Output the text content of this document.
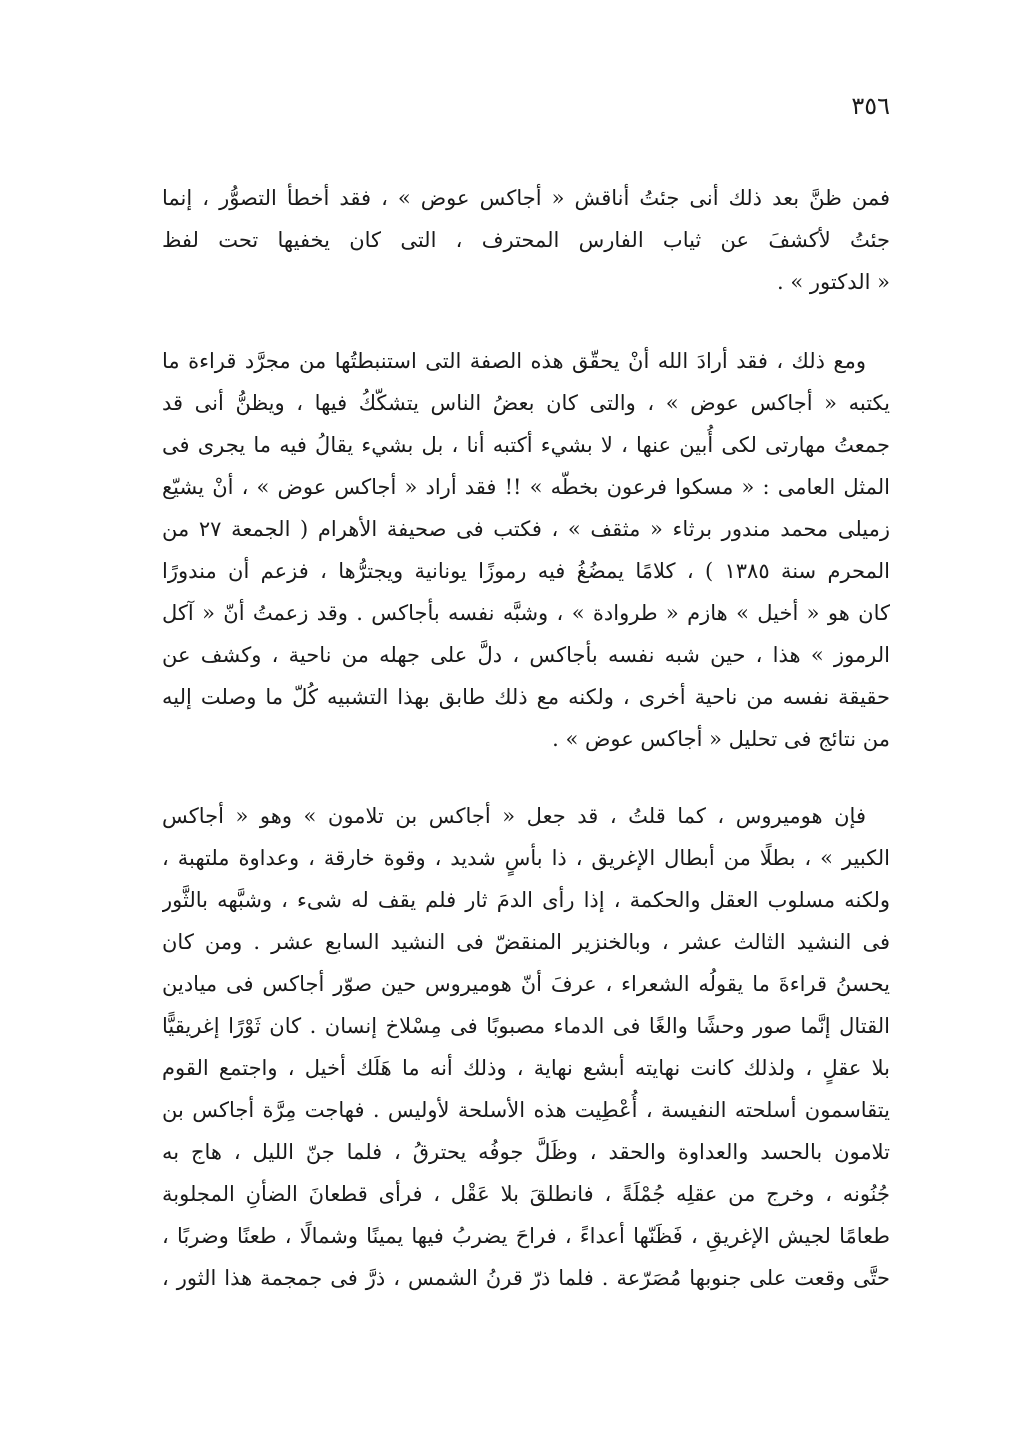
٣٥٦
فمن ظنَّ بعد ذلك أنى جئتُ أناقش « أجاكس عوض » ، فقد أخطأ التصوُّر ، إنما
جئتُ لأكشفَ عن ثياب الفارس المحترف ، التى كان يخفيها تحت لفظ
« الدكتور » .
ومع ذلك ، فقد أرادَ الله أنْ يحقّق هذه الصفة التى استنبطتُها من مجرَّد قراءة ما
يكتبه « أجاكس عوض » ، والتى كان بعضُ الناس يتشكّكُ فيها ، ويظنُّ أنى قد
جمعتُ مهارتى لكى أُبين عنها ، لا بشيء أكتبه أنا ، بل بشيء يقالُ فيه ما يجرى فى
المثل العامى : « مسكوا فرعون بخطّه » !! فقد أراد « أجاكس عوض » ، أنْ يشيّع
زميلى محمد مندور برثاء « مثقف » ، فكتب فى صحيفة الأهرام ( الجمعة ٢٧ من
المحرم سنة ١٣٨٥ ) ، كلامًا يمضُغُ فيه رموزًا يونانية ويجترُّها ، فزعم أن مندورًا
كان هو « أخيل » هازم « طروادة » ، وشبَّه نفسه بأجاكس . وقد زعمتُ أنّ « آكل
الرموز » هذا ، حين شبه نفسه بأجاكس ، دلَّ على جهله من ناحية ، وكشف عن
حقيقة نفسه من ناحية أخرى ، ولكنه مع ذلك طابق بهذا التشبيه كُلّ ما وصلت إليه
من نتائج فى تحليل « أجاكس عوض » .
فإن هوميروس ، كما قلتُ ، قد جعل « أجاكس بن تلامون » وهو « أجاكس
الكبير » ، بطلًا من أبطال الإغريق ، ذا بأسٍ شديد ، وقوة خارقة ، وعداوة ملتهبة ،
ولكنه مسلوب العقل والحكمة ، إذا رأى الدمَ ثار فلم يقف له شىء ، وشبَّهه بالثَّور
فى النشيد الثالث عشر ، وبالخنزير المنقضّ فى النشيد السابع عشر . ومن كان
يحسنُ قراءةَ ما يقولُه الشعراء ، عرفَ أنّ هوميروس حين صوّر أجاكس فى ميادين
القتال إنَّما صور وحشًا والغًا فى الدماء مصبوبًا فى مِسْلاخ إنسان . كان ثَوْرًا إغريقيًّا
بلا عقلٍ ، ولذلك كانت نهايته أبشع نهاية ، وذلك أنه ما هَلَك أخيل ، واجتمع القوم
يتقاسمون أسلحته النفيسة ، أُعْطِيت هذه الأسلحة لأوليس . فهاجت مِرَّة أجاكس بن
تلامون بالحسد والعداوة والحقد ، وظَلَّ جوفُه يحترقُ ، فلما جنّ الليل ، هاج به
جُنُونه ، وخرج من عقلِه جُمْلَةً ، فانطلقَ بلا عَقْل ، فرأى قطعانَ الضأنِ المجلوبة
طعامًا لجيش الإغريقِ ، فَظَنّها أعداءً ، فراحَ يضربُ فيها يمينًا وشمالًا ، طعنًا وضربًا ،
حتَّى وقعت على جنوبها مُصَرّعة . فلما ذرّ قرنُ الشمس ، ذرَّ فى جمجمة هذا الثور ،
